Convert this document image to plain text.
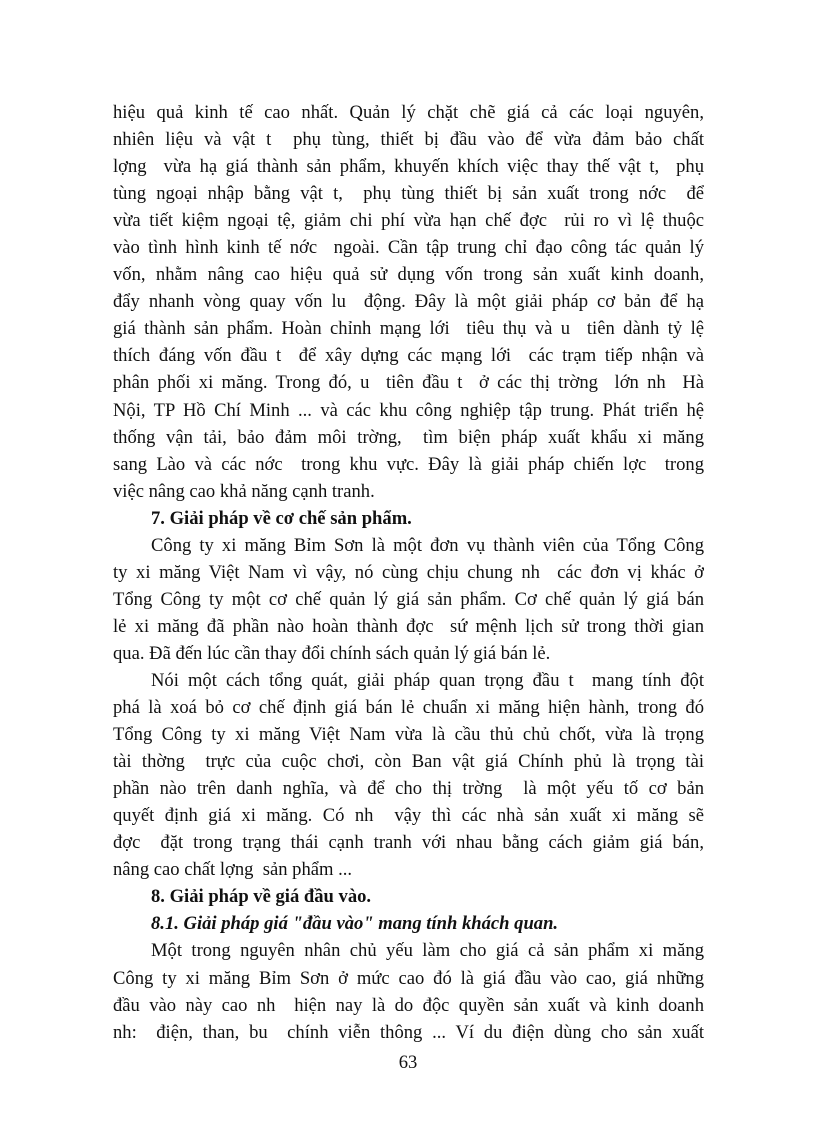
hiệu quả kinh tế cao nhất. Quản lý chặt chẽ giá cả các loại nguyên,
nhiên liệu và vật t  phụ tùng, thiết bị đầu vào để vừa đảm bảo chất
lợng  vừa hạ giá thành sản phẩm, khuyến khích việc thay thế vật t,  phụ
tùng ngoại nhập bằng vật t,  phụ tùng thiết bị sản xuất trong nớc  để
vừa tiết kiệm ngoại tệ, giảm chi phí vừa hạn chế đợc  rủi ro vì lệ thuộc
vào tình hình kinh tế nớc  ngoài. Cần tập trung chỉ đạo công tác quản lý
vốn, nhằm nâng cao hiệu quả sử dụng vốn trong sản xuất kinh doanh,
đẩy nhanh vòng quay vốn lu  động. Đây là một giải pháp cơ bản để hạ
giá thành sản phẩm. Hoàn chỉnh mạng lới  tiêu thụ và u  tiên dành tỷ lệ
thích đáng vốn đầu t  để xây dựng các mạng lới  các trạm tiếp nhận và
phân phối xi măng. Trong đó, u  tiên đầu t  ở các thị trờng  lớn nh  Hà
Nội, TP Hồ Chí Minh ... và các khu công nghiệp tập trung. Phát triển hệ
thống vận tải, bảo đảm môi trờng,  tìm biện pháp xuất khẩu xi măng
sang Lào và các nớc  trong khu vực. Đây là giải pháp chiến lợc  trong
việc nâng cao khả năng cạnh tranh.
7. Giải pháp về cơ chế sản phẩm.
Công ty xi măng Bỉm Sơn là một đơn vụ thành viên của Tổng Công
ty xi măng Việt Nam vì vậy, nó cùng chịu chung nh  các đơn vị khác ở
Tổng Công ty một cơ chế quản lý giá sản phẩm. Cơ chế quản lý giá bán
lẻ xi măng đã phần nào hoàn thành đợc  sứ mệnh lịch sử trong thời gian
qua. Đã đến lúc cần thay đổi chính sách quản lý giá bán lẻ.
Nói một cách tổng quát, giải pháp quan trọng đầu t  mang tính đột
phá là xoá bỏ cơ chế định giá bán lẻ chuẩn xi măng hiện hành, trong đó
Tổng Công ty xi măng Việt Nam vừa là cầu thủ chủ chốt, vừa là trọng
tài thờng  trực của cuộc chơi, còn Ban vật giá Chính phủ là trọng tài
phần nào trên danh nghĩa, và để cho thị trờng  là một yếu tố cơ bản
quyết định giá xi măng. Có nh  vậy thì các nhà sản xuất xi măng sẽ
đợc  đặt trong trạng thái cạnh tranh với nhau bằng cách giảm giá bán,
nâng cao chất lợng  sản phẩm ...
8. Giải pháp về giá đầu vào.
8.1. Giải pháp giá "đầu vào" mang tính khách quan.
Một trong nguyên nhân chủ yếu làm cho giá cả sản phẩm xi măng
Công ty xi măng Bỉm Sơn ở mức cao đó là giá đầu vào cao, giá những
đầu vào này cao nh  hiện nay là do độc quyền sản xuất và kinh doanh
nh:  điện, than, bu  chính viễn thông ... Ví du điện dùng cho sản xuất
63
